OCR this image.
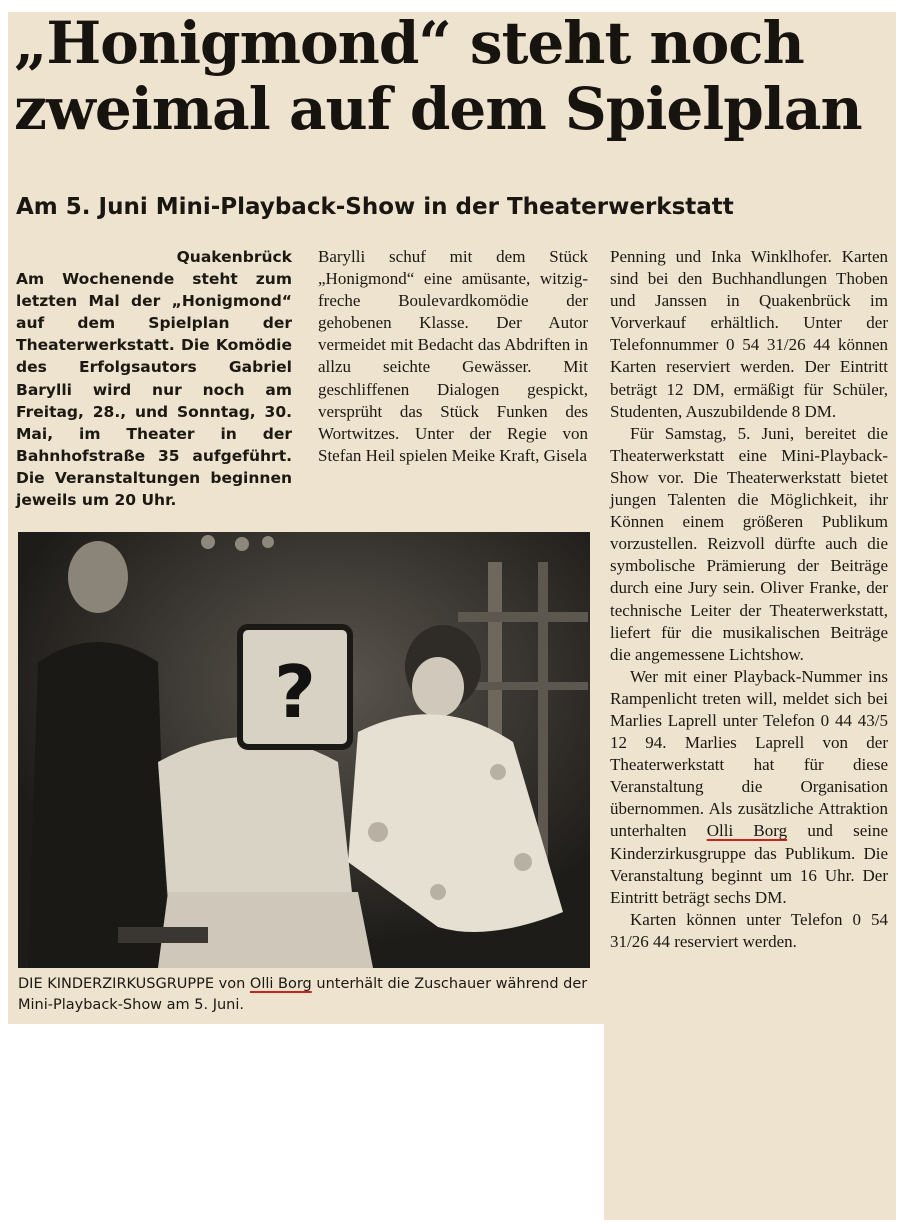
„Honigmond“ steht noch
zweimal auf dem Spielplan
Am 5. Juni Mini-Playback-Show in der Theaterwerkstatt
Quakenbrück

Am Wochenende steht zum letzten Mal der „Honigmond“ auf dem Spielplan der Theaterwerkstatt. Die Komödie des Erfolgsautors Gabriel Barylli wird nur noch am Freitag, 28., und Sonntag, 30. Mai, im Theater in der Bahnhofstraße 35 aufgeführt. Die Veranstaltungen beginnen jeweils um 20 Uhr.

Barylli schuf mit dem Stück „Honigmond“ eine amüsante, witzig-freche Boulevardkomödie der gehobenen Klasse. Der Autor vermeidet mit Bedacht das Abdriften in allzu seichte Gewässer. Mit geschliffenen Dialogen gespickt, versprüht das Stück Funken des Wortwitzes. Unter der Regie von Stefan Heil spielen Meike Kraft, Gisela

Penning und Inka Winklhofer. Karten sind bei den Buchhandlungen Thoben und Janssen in Quakenbrück im Vorverkauf erhältlich. Unter der Telefonnummer 0 54 31/26 44 können Karten reserviert werden. Der Eintritt beträgt 12 DM, ermäßigt für Schüler, Studenten, Auszubildende 8 DM.

Für Samstag, 5. Juni, bereitet die Theaterwerkstatt eine Mini-Playback-Show vor. Die Theaterwerkstatt bietet jungen Talenten die Möglichkeit, ihr Können einem größeren Publikum vorzustellen. Reizvoll dürfte auch die symbolische Prämierung der Beiträge durch eine Jury sein. Oliver Franke, der technische Leiter der Theaterwerkstatt, liefert für die musikalischen Beiträge die angemessene Lichtshow.

Wer mit einer Playback-Nummer ins Rampenlicht treten will, meldet sich bei Marlies Laprell unter Telefon 0 44 43/5 12 94. Marlies Laprell von der Theaterwerkstatt hat für diese Veranstaltung die Organisation übernommen. Als zusätzliche Attraktion unterhalten Olli Borg und seine Kinderzirkusgruppe das Publikum. Die Veranstaltung beginnt um 16 Uhr. Der Eintritt beträgt sechs DM.

Karten können unter Telefon 0 54 31/26 44 reserviert werden.

?

DIE KINDERZIRKUSGRUPPE von Olli Borg unterhält die Zuschauer während der Mini-Playback-Show am 5. Juni.
